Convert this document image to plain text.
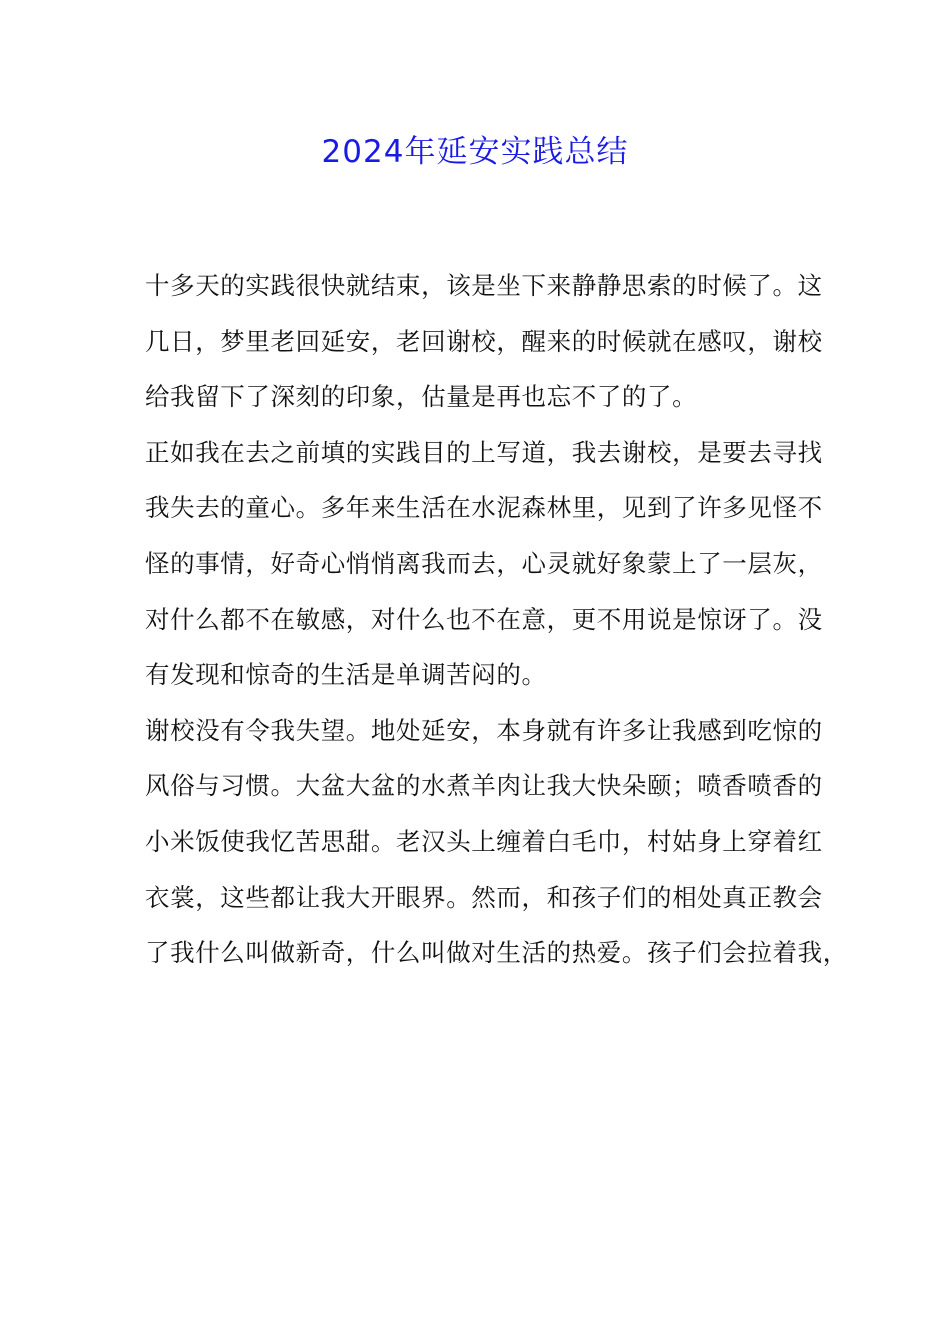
2024年延安实践总结
十多天的实践很快就结束，该是坐下来静静思索的时候了。这
几日，梦里老回延安，老回谢校，醒来的时候就在感叹，谢校
给我留下了深刻的印象，估量是再也忘不了的了。
正如我在去之前填的实践目的上写道，我去谢校，是要去寻找
我失去的童心。多年来生活在水泥森林里，见到了许多见怪不
怪的事情，好奇心悄悄离我而去，心灵就好象蒙上了一层灰，
对什么都不在敏感，对什么也不在意，更不用说是惊讶了。没
有发现和惊奇的生活是单调苦闷的。
谢校没有令我失望。地处延安，本身就有许多让我感到吃惊的
风俗与习惯。大盆大盆的水煮羊肉让我大快朵颐；喷香喷香的
小米饭使我忆苦思甜。老汉头上缠着白毛巾，村姑身上穿着红
衣裳，这些都让我大开眼界。然而，和孩子们的相处真正教会
了我什么叫做新奇，什么叫做对生活的热爱。孩子们会拉着我，
